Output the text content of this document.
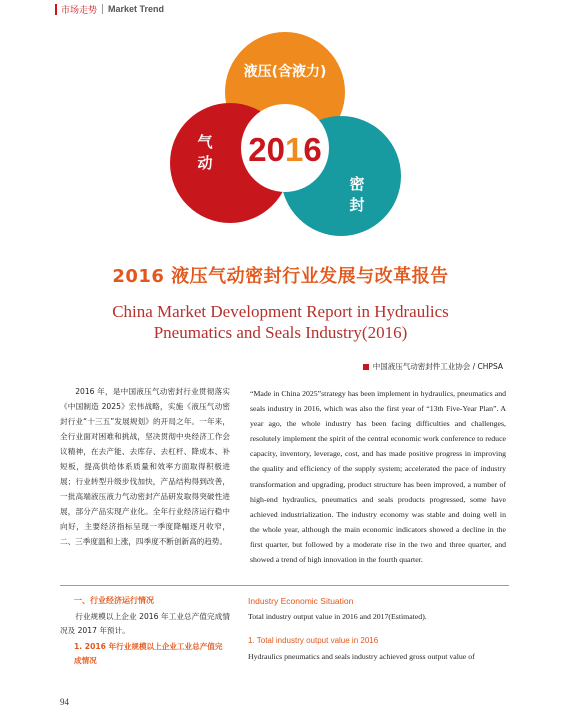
市场走势 Market Trend
2016
液压(含液力)
气
动
密
封
2016 液压气动密封行业发展与改革报告
China Market Development Report in Hydraulics
Pneumatics and Seals Industry(2016)
中国液压气动密封件工业协会 / CHPSA
2016 年，是中国液压气动密封行业贯彻落实《中国制造 2025》宏伟战略，实施《液压气动密封行业“十三五”发展规划》的开局之年。一年来，全行业面对困难和挑战，坚决贯彻中央经济工作会议精神，在去产能、去库存、去杠杆、降成本、补短板，提高供给体系质量和效率方面取得积极进展；行业转型升级步伐加快，产品结构得到改善，一批高端液压液力气动密封产品研发取得突破性进展，部分产品实现产业化。全年行业经济运行稳中向好，主要经济指标呈现一季度降幅逐月收窄，二、三季度温和上涨，四季度不断创新高的趋势。
“Made in China 2025”strategy has been implement in hydraulics, pneumatics and seals industry in 2016, which was also the first year of “13th Five-Year Plan”. A year ago, the whole industry has been facing difficulties and challenges, resolutely implement the spirit of the central economic work conference to reduce capacity, inventory, leverage, cost, and has made positive progress in improving the quality and efficiency of the supply system; accelerated the pace of industry transformation and upgrading, product structure has been improved, a number of high-end hydraulics, pneumatics and seals products progressed, some have achieved industrialization. The industry economy was stable and doing well in the whole year, although the main economic indicators showed a decline in the first quarter, but followed by a moderate rise in the two and three quarter, and showed a trend of high innovation in the fourth quarter.
一、行业经济运行情况
行业规模以上企业 2016 年工业总产值完成情况及 2017 年预计。
1. 2016 年行业规模以上企业工业总产值完成情况
Industry Economic Situation
Total industry output value in 2016 and 2017(Estimated).
1. Total industry output value in 2016
Hydraulics pneumatics and seals industry achieved gross output value of
94
